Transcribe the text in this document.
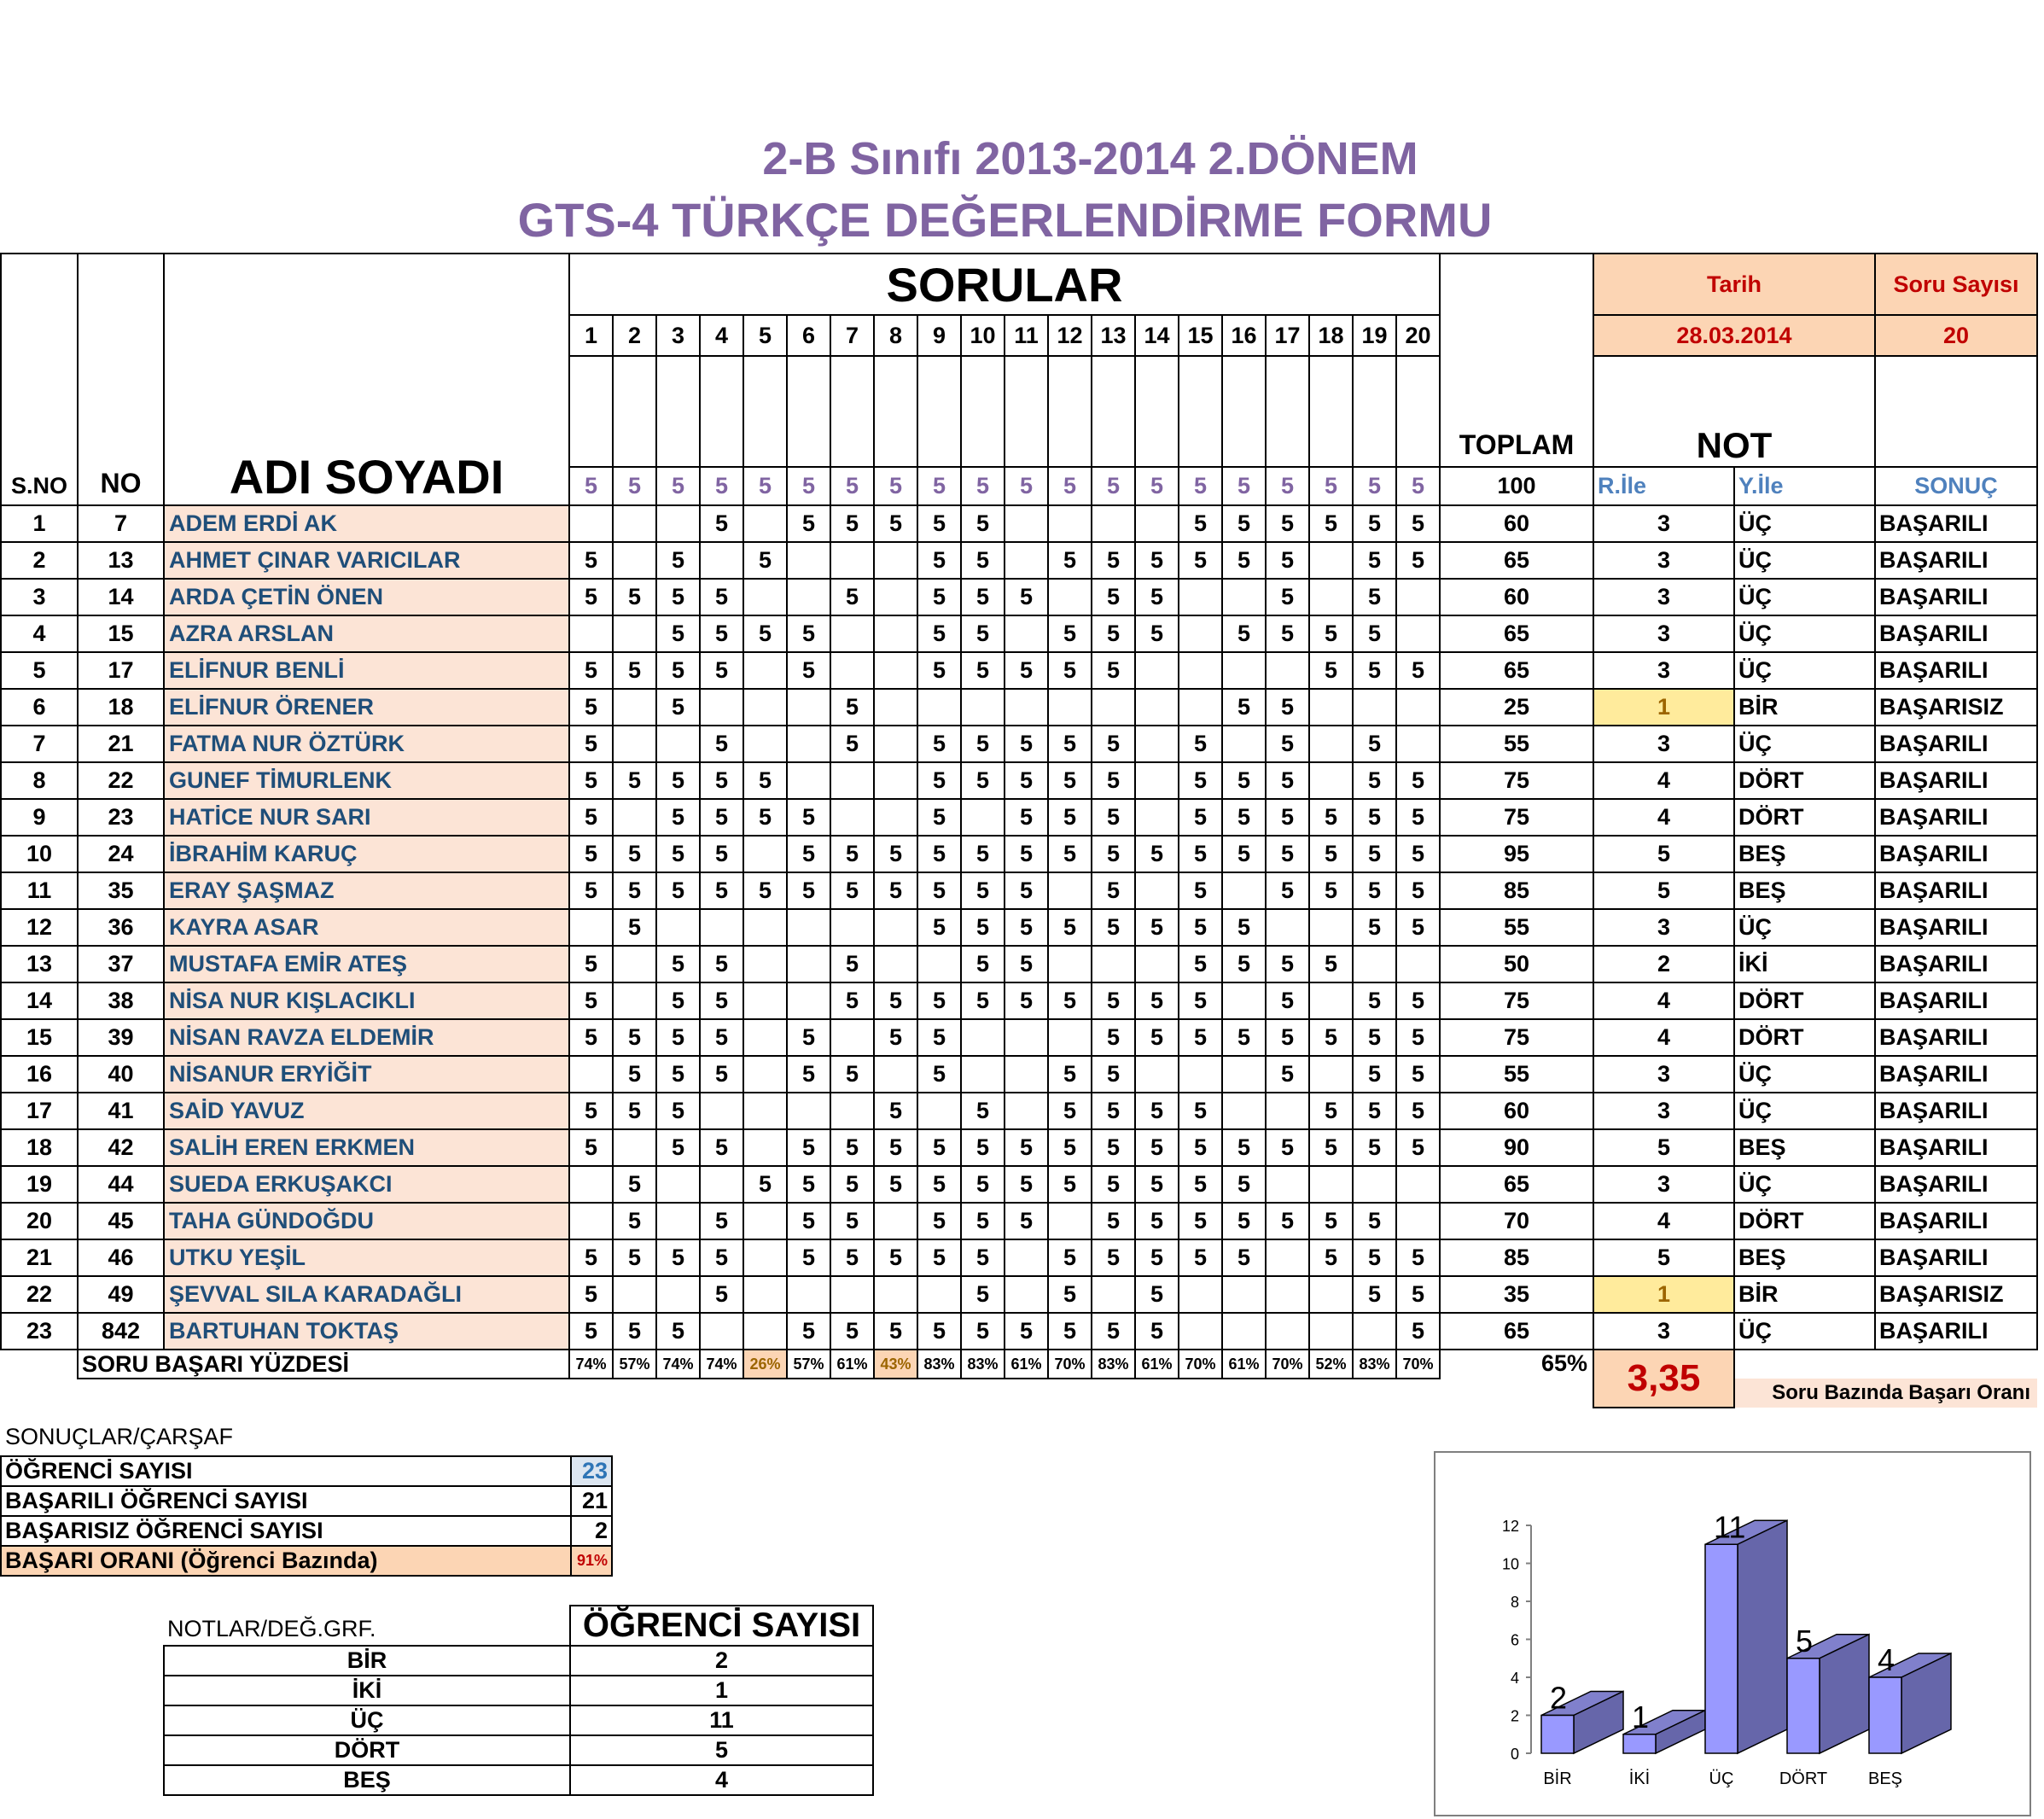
2-B Sınıfı 2013-2014 2.DÖNEM
GTS-4 TÜRKÇE DEĞERLENDİRME FORMU
S.NO	NO	ADI SOYADI	SORULAR																				TOPLAM	Tarih		Soru Sayısı
			1	2	3	4	5	6	7	8	9	10	11	12	13	14	15	16	17	18	19	20		28.03.2014		20
																								NOT		
			5	5	5	5	5	5	5	5	5	5	5	5	5	5	5	5	5	5	5	5	100	R.İle	Y.İle	SONUÇ
1	7	ADEM ERDİ AK				5		5	5	5	5	5					5	5	5	5	5	5	60	3	ÜÇ	BAŞARILI
2	13	AHMET ÇINAR VARICILAR	5		5		5				5	5		5	5	5	5	5	5		5	5	65	3	ÜÇ	BAŞARILI
3	14	ARDA ÇETİN ÖNEN	5	5	5	5			5		5	5	5		5	5			5		5		60	3	ÜÇ	BAŞARILI
4	15	AZRA ARSLAN			5	5	5	5			5	5		5	5	5		5	5	5	5		65	3	ÜÇ	BAŞARILI
5	17	ELİFNUR BENLİ	5	5	5	5		5			5	5	5	5	5					5	5	5	65	3	ÜÇ	BAŞARILI
6	18	ELİFNUR ÖRENER	5		5				5									5	5				25	1	BİR	BAŞARISIZ
7	21	FATMA NUR ÖZTÜRK	5			5			5		5	5	5	5	5		5		5		5		55	3	ÜÇ	BAŞARILI
8	22	GUNEF TİMURLENK	5	5	5	5	5				5	5	5	5	5		5	5	5		5	5	75	4	DÖRT	BAŞARILI
9	23	HATİCE NUR SARI	5		5	5	5	5			5		5	5	5		5	5	5	5	5	5	75	4	DÖRT	BAŞARILI
10	24	İBRAHİM KARUÇ	5	5	5	5		5	5	5	5	5	5	5	5	5	5	5	5	5	5	5	95	5	BEŞ	BAŞARILI
11	35	ERAY ŞAŞMAZ	5	5	5	5	5	5	5	5	5	5	5		5		5		5	5	5	5	85	5	BEŞ	BAŞARILI
12	36	KAYRA ASAR		5							5	5	5	5	5	5	5	5			5	5	55	3	ÜÇ	BAŞARILI
13	37	MUSTAFA EMİR ATEŞ	5		5	5			5			5	5				5	5	5	5			50	2	İKİ	BAŞARILI
14	38	NİSA NUR KIŞLACIKLI	5		5	5			5	5	5	5	5	5	5	5	5		5		5	5	75	4	DÖRT	BAŞARILI
15	39	NİSAN RAVZA ELDEMİR	5	5	5	5		5		5	5				5	5	5	5	5	5	5	5	75	4	DÖRT	BAŞARILI
16	40	NİSANUR ERYİĞİT		5	5	5		5	5		5			5	5				5		5	5	55	3	ÜÇ	BAŞARILI
17	41	SAİD YAVUZ	5	5	5					5		5		5	5	5	5			5	5	5	60	3	ÜÇ	BAŞARILI
18	42	SALİH EREN ERKMEN	5		5	5		5	5	5	5	5	5	5	5	5	5	5	5	5	5	5	90	5	BEŞ	BAŞARILI
19	44	SUEDA ERKUŞAKCI		5			5	5	5	5	5	5	5	5	5	5	5	5					65	3	ÜÇ	BAŞARILI
20	45	TAHA GÜNDOĞDU		5		5		5	5		5	5	5		5	5	5	5	5	5	5		70	4	DÖRT	BAŞARILI
21	46	UTKU YEŞİL	5	5	5	5		5	5	5	5	5		5	5	5	5	5		5	5	5	85	5	BEŞ	BAŞARILI
22	49	ŞEVVAL SILA KARADAĞLI	5			5						5		5		5					5	5	35	1	BİR	BAŞARISIZ
23	842	BARTUHAN TOKTAŞ	5	5	5			5	5	5	5	5	5	5	5	5						5	65	3	ÜÇ	BAŞARILI
	SORU BAŞARI YÜZDESİ		74%	57%	74%	74%	26%	57%	61%	43%	83%	83%	61%	70%	83%	61%	70%	61%	70%	52%	83%	70%	65%	3,35		
																									Soru Bazında Başarı Oranı	
SONUÇLAR/ÇARŞAF
ÖĞRENCİ SAYISI	23
BAŞARILI ÖĞRENCİ SAYISI	21
BAŞARISIZ ÖĞRENCİ SAYISI	2
BAŞARI ORANI (Öğrenci Bazında)	91%
NOTLAR/DEĞ.GRF.
		ÖĞRENCİ SAYISI
BİR	2
İKİ	1
ÜÇ	11
DÖRT	5
BEŞ	4
0
2
4
6
8
10
12
2
BİR
1
İKİ
11
ÜÇ
5
DÖRT
4
BEŞ
